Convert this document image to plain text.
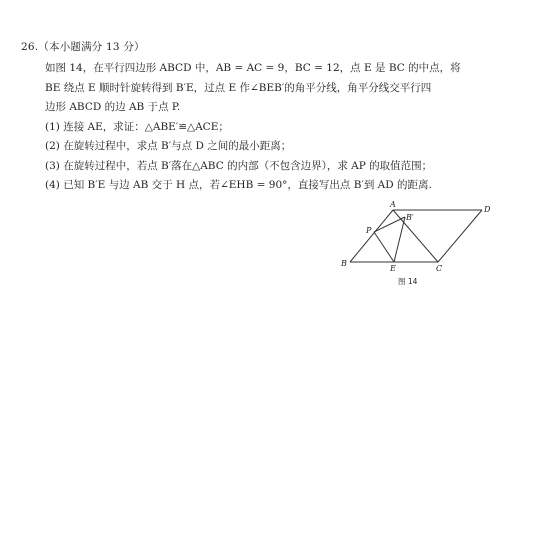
26.（本小题满分 13 分）
如图 14，在平行四边形 ABCD 中，AB = AC = 9，BC = 12，点 E 是 BC 的中点，将
BE 绕点 E 顺时针旋转得到 B′E，过点 E 作∠BEB′的角平分线，角平分线交平行四
边形 ABCD 的边 AB 于点 P.
(1) 连接 AE，求证：△ABE′≌△ACE；
(2) 在旋转过程中，求点 B′与点 D 之间的最小距离；
(3) 在旋转过程中，若点 B′落在△ABC 的内部（不包含边界），求 AP 的取值范围；
(4) 已知 B′E 与边 AB 交于 H 点，若∠EHB = 90°，直接写出点 B′到 AD 的距离.
A
B′
D
P
B
E	C
图 14
